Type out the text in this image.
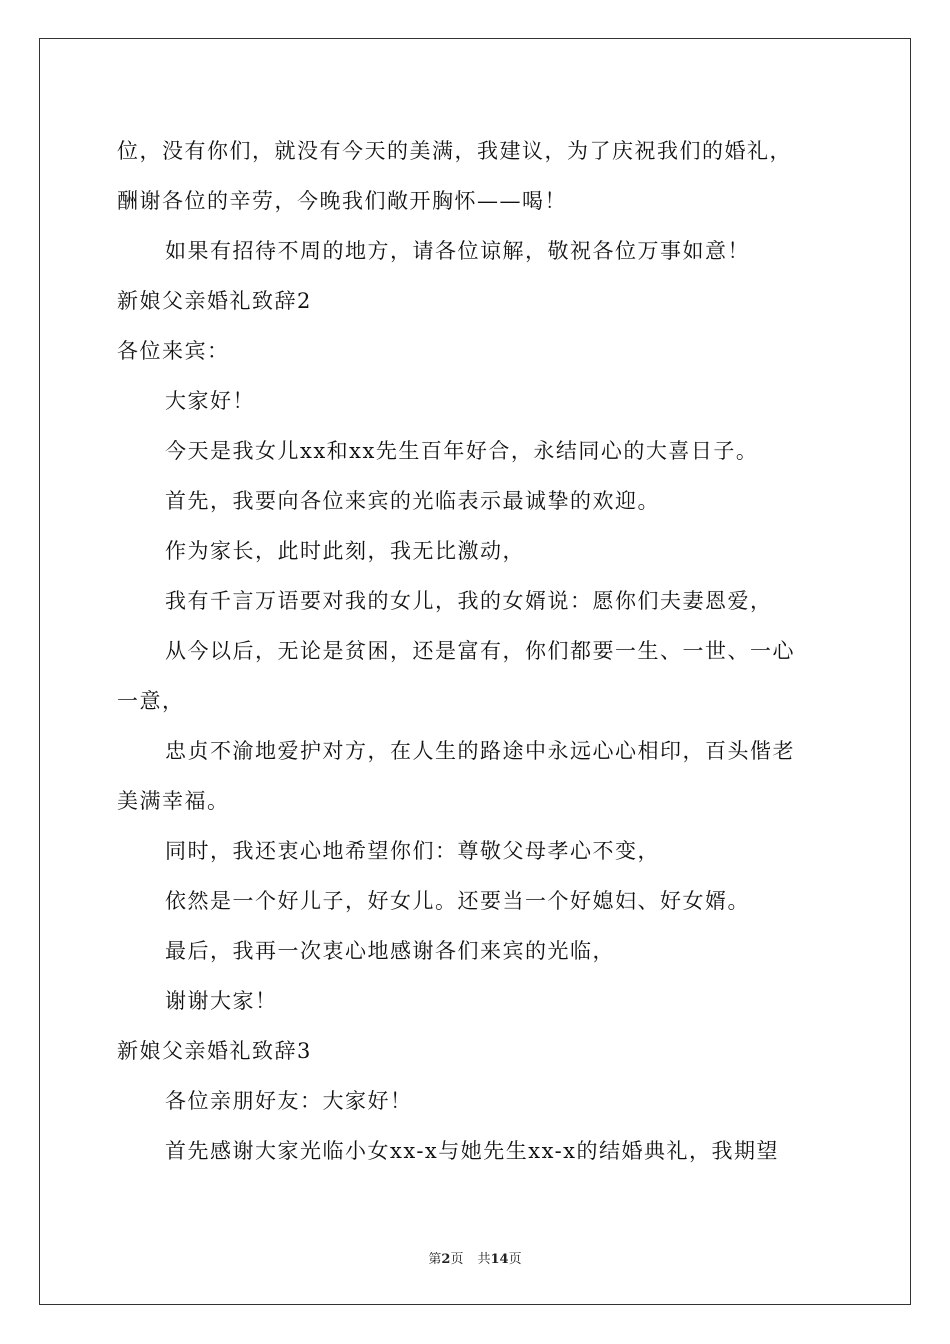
位，没有你们，就没有今天的美满，我建议，为了庆祝我们的婚礼，
酬谢各位的辛劳，今晚我们敞开胸怀——喝！
如果有招待不周的地方，请各位谅解，敬祝各位万事如意！
新娘父亲婚礼致辞2
各位来宾：
大家好！
今天是我女儿xx和xx先生百年好合，永结同心的大喜日子。
首先，我要向各位来宾的光临表示最诚挚的欢迎。
作为家长，此时此刻，我无比激动，
我有千言万语要对我的女儿，我的女婿说：愿你们夫妻恩爱，
从今以后，无论是贫困，还是富有，你们都要一生、一世、一心
一意，
忠贞不渝地爱护对方，在人生的路途中永远心心相印，百头偕老
美满幸福。
同时，我还衷心地希望你们：尊敬父母孝心不变，
依然是一个好儿子，好女儿。还要当一个好媳妇、好女婿。
最后，我再一次衷心地感谢各们来宾的光临，
谢谢大家！
新娘父亲婚礼致辞3
各位亲朋好友：大家好！
首先感谢大家光临小女xx-x与她先生xx-x的结婚典礼，我期望
第2页 共14页
